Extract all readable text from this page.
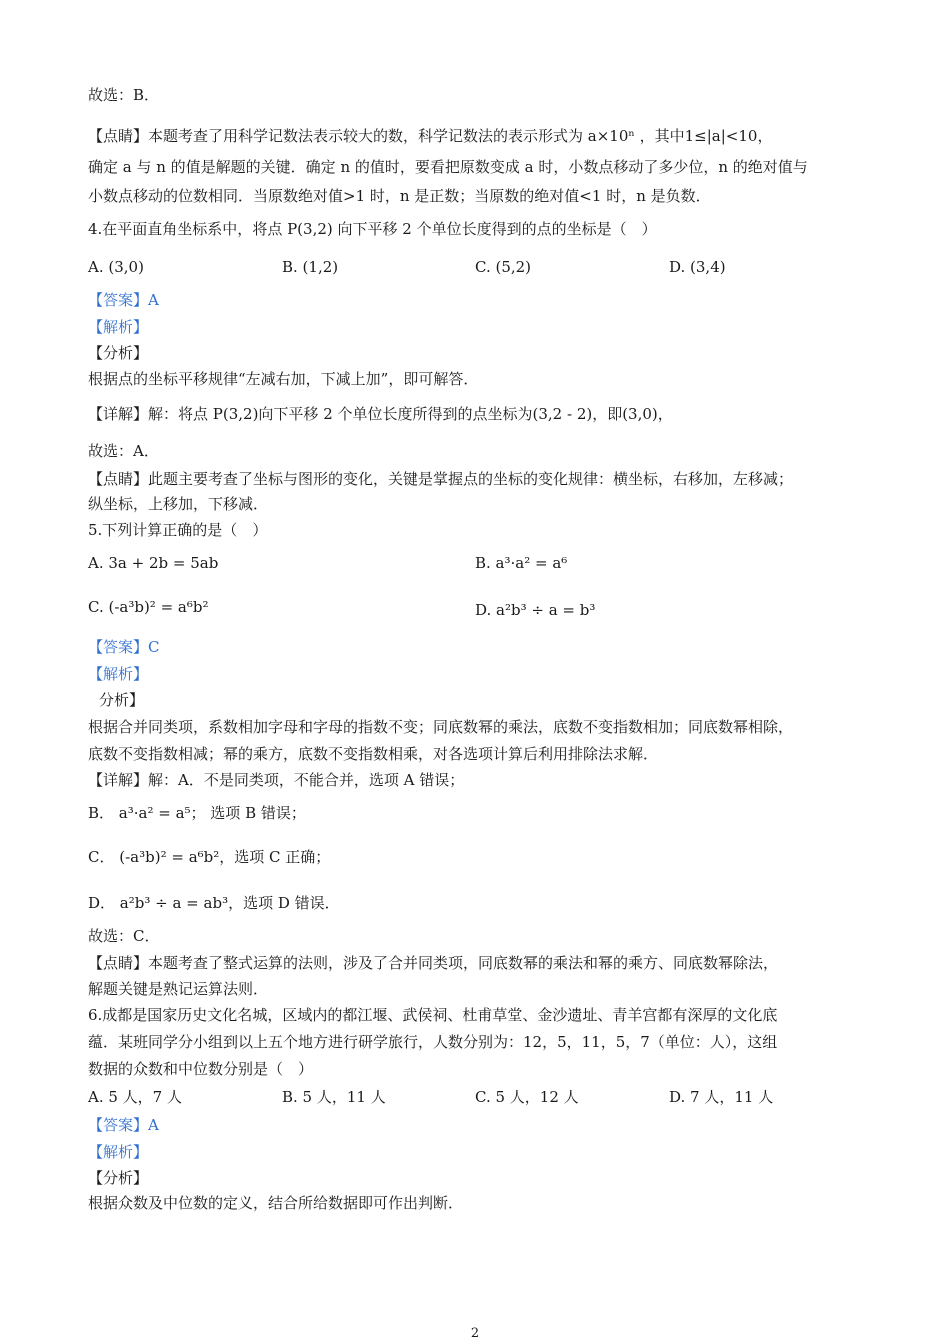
故选：B．
【点睛】本题考查了用科学记数法表示较大的数，科学记数法的表示形式为 a×10ⁿ ，其中1≤|a|<10，
确定 a 与 n 的值是解题的关键．确定 n 的值时，要看把原数变成 a 时，小数点移动了多少位，n 的绝对值与
小数点移动的位数相同．当原数绝对值>1 时，n 是正数；当原数的绝对值<1 时，n 是负数．
4.在平面直角坐标系中，将点 P(3,2) 向下平移 2 个单位长度得到的点的坐标是（　）
A. (3,0)	B. (1,2)	C. (5,2)	D. (3,4)
【答案】A
【解析】
【分析】
根据点的坐标平移规律“左减右加，下减上加”，即可解答．
【详解】解：将点 P(3,2)向下平移 2 个单位长度所得到的点坐标为(3,2 - 2)，即(3,0)，
故选：A．
【点睛】此题主要考查了坐标与图形的变化，关键是掌握点的坐标的变化规律：横坐标，右移加，左移减；
纵坐标，上移加，下移减．
5.下列计算正确的是（　）
A. 3a + 2b = 5ab	B. a³·a² = a⁶
C. (-a³b)² = a⁶b²	D. a²b³ ÷ a = b³
【答案】C
【解析】
分析】
根据合并同类项，系数相加字母和字母的指数不变；同底数幂的乘法，底数不变指数相加；同底数幂相除，
底数不变指数相减；幂的乘方，底数不变指数相乘，对各选项计算后利用排除法求解．
【详解】解：A．不是同类项，不能合并，选项 A 错误；
B． a³·a² = a⁵； 选项 B 错误；
C． (-a³b)² = a⁶b²，选项 C 正确；
D． a²b³ ÷ a = ab³，选项 D 错误．
故选：C．
【点睛】本题考查了整式运算的法则，涉及了合并同类项，同底数幂的乘法和幂的乘方、同底数幂除法，
解题关键是熟记运算法则．
6.成都是国家历史文化名城，区域内的都江堰、武侯祠、杜甫草堂、金沙遗址、青羊宫都有深厚的文化底
蕴．某班同学分小组到以上五个地方进行研学旅行，人数分别为：12，5，11，5，7（单位：人），这组
数据的众数和中位数分别是（　）
A. 5 人，7 人	B. 5 人，11 人	C. 5 人，12 人	D. 7 人，11 人
【答案】A
【解析】
【分析】
根据众数及中位数的定义，结合所给数据即可作出判断．
2
